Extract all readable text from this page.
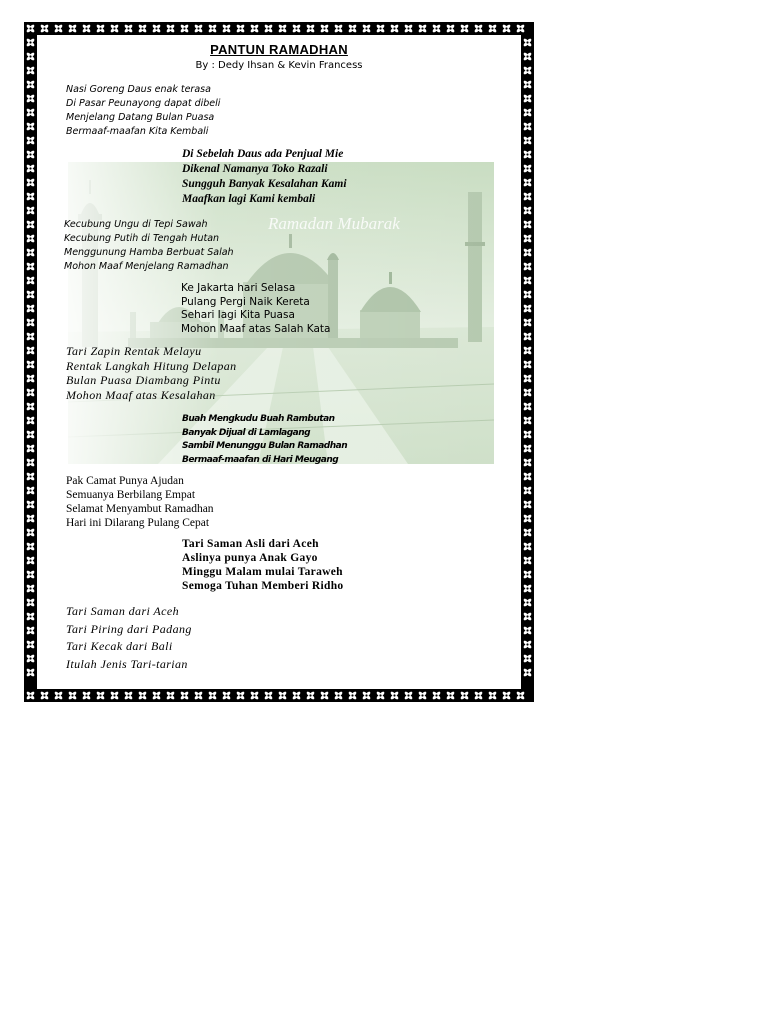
Ramadan Mubarak
PANTUN RAMADHAN
By : Dedy Ihsan & Kevin Francess
Nasi Goreng Daus enak terasa
Di Pasar Peunayong dapat dibeli
Menjelang Datang Bulan Puasa
Bermaaf-maafan Kita Kembali
Di Sebelah Daus ada Penjual Mie
Dikenal Namanya Toko Razali
Sungguh Banyak Kesalahan Kami
Maafkan lagi Kami kembali
Kecubung Ungu di Tepi Sawah
Kecubung Putih di Tengah Hutan
Menggunung Hamba Berbuat Salah
Mohon Maaf Menjelang Ramadhan
Ke Jakarta hari Selasa
Pulang Pergi Naik Kereta
Sehari lagi Kita Puasa
Mohon Maaf atas Salah Kata
Tari Zapin Rentak Melayu
Rentak Langkah Hitung Delapan
Bulan Puasa Diambang Pintu
Mohon Maaf atas Kesalahan
Buah Mengkudu Buah Rambutan
Banyak Dijual di Lamlagang
Sambil Menunggu Bulan Ramadhan
Bermaaf-maafan di Hari Meugang
Pak Camat Punya Ajudan
Semuanya Berbilang Empat
Selamat Menyambut Ramadhan
Hari ini Dilarang Pulang Cepat
Tari Saman Asli dari Aceh
Aslinya punya Anak Gayo
Minggu Malam mulai Taraweh
Semoga Tuhan Memberi Ridho
Tari Saman dari Aceh
Tari Piring dari Padang
Tari Kecak dari Bali
Itulah Jenis Tari-tarian
